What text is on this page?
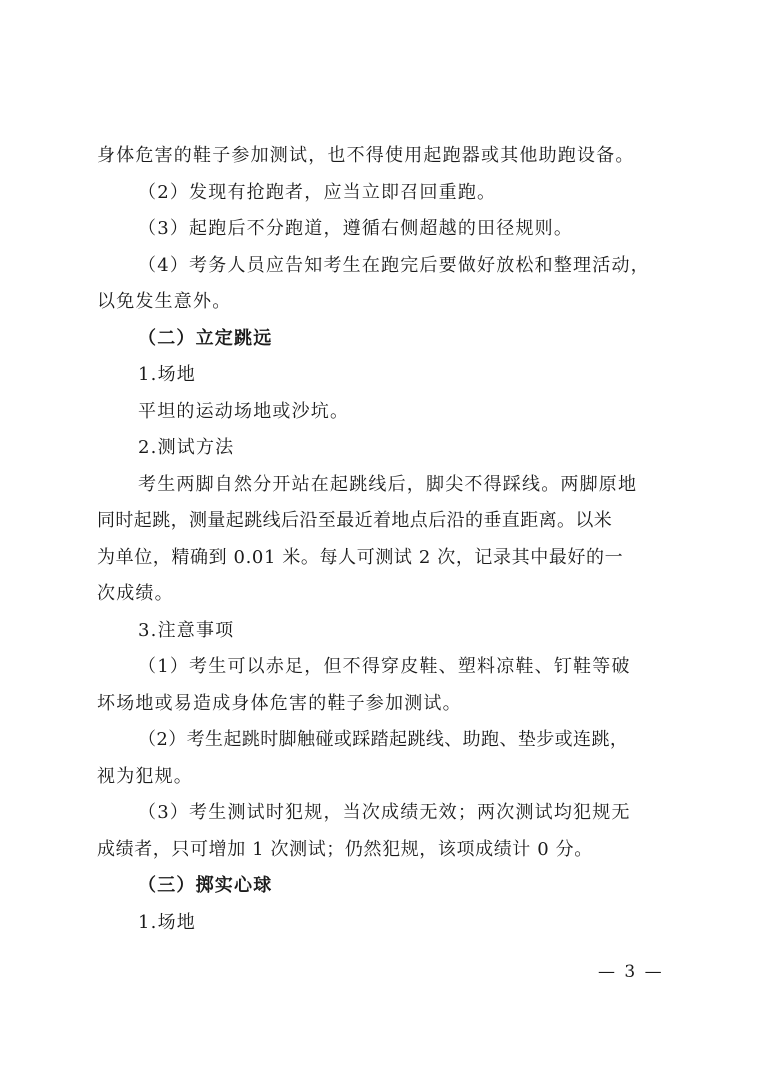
身体危害的鞋子参加测试，也不得使用起跑器或其他助跑设备。
（2）发现有抢跑者，应当立即召回重跑。
（3）起跑后不分跑道，遵循右侧超越的田径规则。
（4）考务人员应告知考生在跑完后要做好放松和整理活动，
以免发生意外。
（二）立定跳远
1.场地
平坦的运动场地或沙坑。
2.测试方法
考生两脚自然分开站在起跳线后，脚尖不得踩线。两脚原地
同时起跳，测量起跳线后沿至最近着地点后沿的垂直距离。以米
为单位，精确到 0.01 米。每人可测试 2 次，记录其中最好的一
次成绩。
3.注意事项
（1）考生可以赤足，但不得穿皮鞋、塑料凉鞋、钉鞋等破
坏场地或易造成身体危害的鞋子参加测试。
（2）考生起跳时脚触碰或踩踏起跳线、助跑、垫步或连跳，
视为犯规。
（3）考生测试时犯规，当次成绩无效；两次测试均犯规无
成绩者，只可增加 1 次测试；仍然犯规，该项成绩计 0 分。
（三）掷实心球
1.场地
— 3 —
